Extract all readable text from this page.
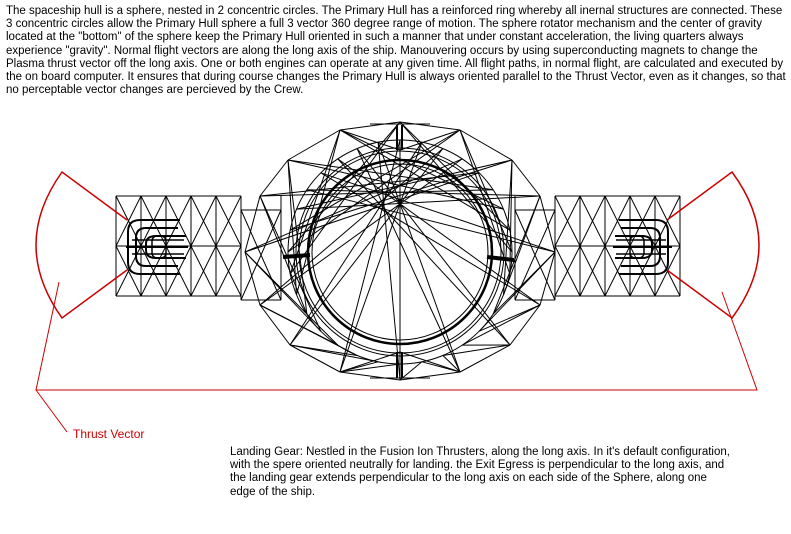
The spaceship hull is a sphere, nested in 2 concentric circles. The Primary Hull has a reinforced ring whereby all inernal structures are connected. These 3 concentric circles allow the Primary Hull sphere a full 3 vector 360 degree range of motion. The sphere rotator mechanism and the center of gravity located at the "bottom" of the sphere keep the Primary Hull oriented in such a manner that under constant acceleration, the living quarters always experience "gravity". Normal flight vectors are along the long axis of the ship. Manouvering occurs by using superconducting magnets to change the Plasma thrust vector off the long axis. One or both engines can operate at any given time. All flight paths, in normal flight, are calculated and executed by the on board computer. It ensures that during course changes the Primary Hull is always oriented parallel to the Thrust Vector, even as it changes, so that no perceptable vector changes are percieved by the Crew.

Thrust Vector

Landing Gear: Nestled in the Fusion Ion Thrusters, along the long axis. In it's default configuration, with the spere oriented neutrally for landing. the Exit Egress is perpendicular to the long axis, and the landing gear extends perpendicular to the long axis on each side of the Sphere, along one edge of the ship.
